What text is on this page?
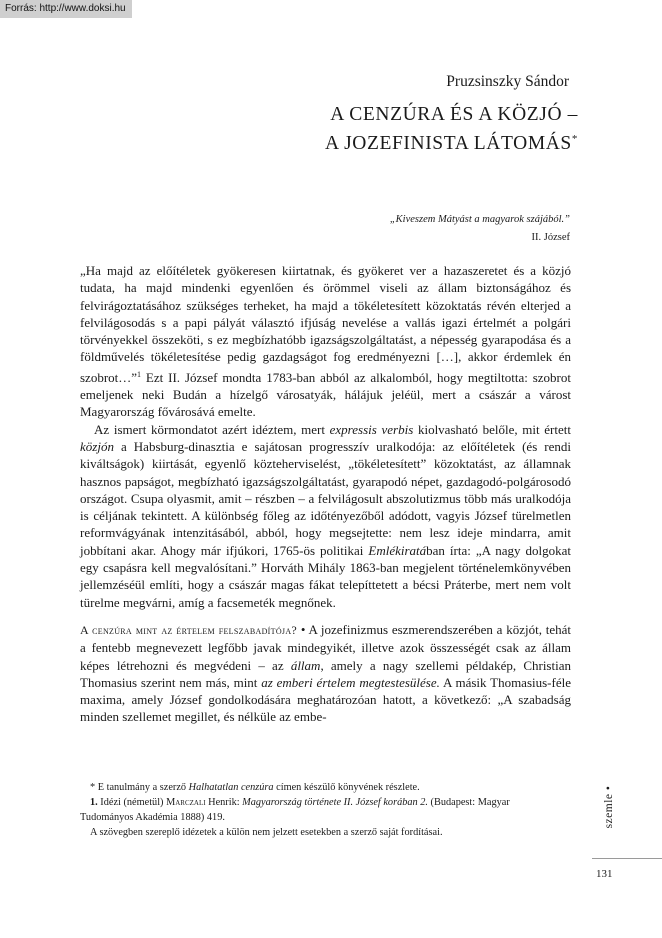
Forrás: http://www.doksi.hu
Pruzsinszky Sándor
A CENZÚRA ÉS A KÖZJÓ –
A JOZEFINISTA LÁTOMÁS*
„Kiveszem Mátyást a magyarok szájából.”
II. József

„Ha majd az előítéletek gyökeresen kiirtatnak, és gyökeret ver a hazaszeretet és a közjó tudata, ha majd mindenki egyenlően és örömmel viseli az állam biztonságához és felvirágoztatásához szükséges terheket, ha majd a tökéletesített közoktatás révén elterjed a felvilágosodás s a papi pályát választó ifjúság nevelése a vallás igazi értelmét a polgári törvényekkel összeköti, s ez megbízhatóbb igazságszolgáltatást, a népesség gyarapodása és a földművelés tökéletesítése pedig gazdagságot fog eredményezni […], akkor érdemlek én szobrot…”$^1$ Ezt II. József mondta 1783-ban abból az alkalomból, hogy megtiltotta: szobrot emeljenek neki Budán a hízelgő városatyák, hálájuk jeléül, mert a császár a várost Magyarország fővárosává emelte.

Az ismert körmondatot azért idéztem, mert expressis verbis kiolvasható belőle, mit értett közjón a Habsburg-dinasztia e sajátosan progresszív uralkodója: az előítéletek (és rendi kiváltságok) kiirtását, egyenlő közteherviselést, „tökéletesített” közoktatást, az államnak hasznos papságot, megbízható igazságszolgáltatást, gyarapodó népet, gazdagodó-polgárosodó országot. Csupa olyasmit, amit – részben – a felvilágosult abszolutizmus több más uralkodója is céljának tekintett. A különbség főleg az időtényezőből adódott, vagyis József türelmetlen reformvágyának intenzitásából, abból, hogy megsejtette: nem lesz ideje mindarra, amit jobbítani akar. Ahogy már ifjúkori, 1765-ös politikai Emlékiratában írta: „A nagy dolgokat egy csapásra kell megvalósítani.” Horváth Mihály 1863-ban megjelent történelemkönyvében jellemzéséül említi, hogy a császár magas fákat telepíttetett a bécsi Práterbe, mert nem volt türelme megvárni, amíg a facsemeték megnőnek.

A cenzúra mint az értelem felszabadítója? • A jozefinizmus eszmerendszerében a közjót, tehát a fentebb megnevezett legfőbb javak mindegyikét, illetve azok összességét csak az állam képes létrehozni és megvédeni – az állam, amely a nagy szellemi példakép, Christian Thomasius szerint nem más, mint az emberi értelem megtestesülése. A másik Thomasius-féle maxima, amely József gondolkodására meghatározóan hatott, a következő: „A szabadság minden szellemet megillet, és nélküle az embe-

* E tanulmány a szerző Halhatatlan cenzúra címen készülő könyvének részlete.

1. Idézi (németül) Marczali Henrik: Magyarország története II. József korában 2. (Budapest: Magyar Tudományos Akadémia 1888) 419.

A szövegben szereplő idézetek a külön nem jelzett esetekben a szerző saját fordításai.

szemle •
131
